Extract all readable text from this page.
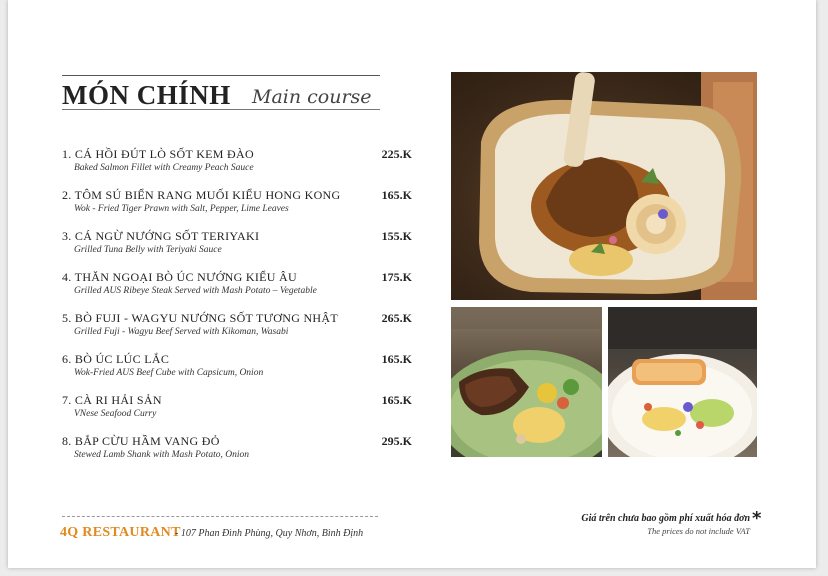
MÓN CHÍNH Main course
1. CÁ HỒI ĐÚT LÒ SỐT KEM ĐÀO
Baked Salmon Fillet with Creamy Peach Sauce
225.K
2. TÔM SÚ BIỂN RANG MUỐI KIỂU HONG KONG
Wok - Fried Tiger Prawn with Salt, Pepper, Lime Leaves
165.K
3. CÁ NGỪ NƯỚNG SỐT TERIYAKI
Grilled Tuna Belly with Teriyaki Sauce
155.K
4. THĂN NGOẠI BÒ ÚC NƯỚNG KIỂU ÂU
Grilled AUS Ribeye Steak Served with Mash Potato – Vegetable
175.K
5. BÒ FUJI - WAGYU NƯỚNG SỐT TƯƠNG NHẬT
Grilled Fuji - Wagyu Beef Served with Kikoman, Wasabi
265.K
6. BÒ ÚC LÚC LẮC
Wok-Fried AUS Beef Cube with Capsicum, Onion
165.K
7. CÀ RI HẢI SẢN
VNese Seafood Curry
165.K
8. BẮP CỪU HẦM VANG ĐỎ
Stewed Lamb Shank with Mash Potato, Onion
295.K
4Q RESTAURANT
- 107 Phan Đình Phùng, Quy Nhơn, Bình Định
Giá trên chưa bao gồm phí xuất hóa đơn *
The prices do not include VAT
